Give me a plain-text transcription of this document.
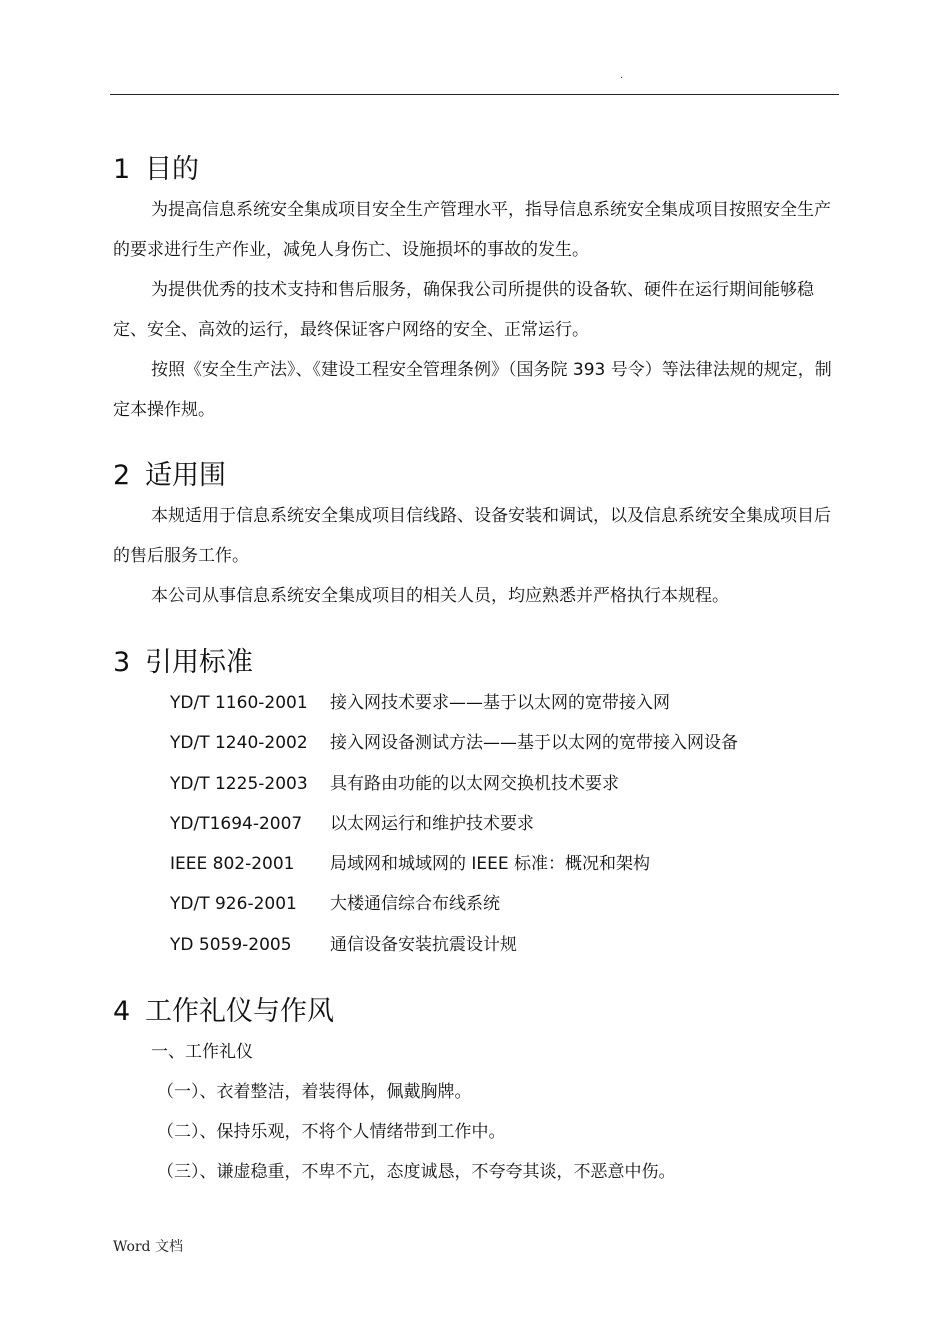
.
1 目的

为提高信息系统安全集成项目安全生产管理水平，指导信息系统安全集成项目按照安全生产的要求进行生产作业，减免人身伤亡、设施损坏的事故的发生。

为提供优秀的技术支持和售后服务，确保我公司所提供的设备软、硬件在运行期间能够稳定、安全、高效的运行，最终保证客户网络的安全、正常运行。

按照《安全生产法》、《建设工程安全管理条例》（国务院 393 号令）等法律法规的规定，制定本操作规。

2 适用围

本规适用于信息系统安全集成项目信线路、设备安装和调试，以及信息系统安全集成项目后的售后服务工作。

本公司从事信息系统安全集成项目的相关人员，均应熟悉并严格执行本规程。

3 引用标准
YD/T 1160-2001	接入网技术要求——基于以太网的宽带接入网
YD/T 1240-2002	接入网设备测试方法——基于以太网的宽带接入网设备
YD/T 1225-2003	具有路由功能的以太网交换机技术要求
YD/T1694-2007	以太网运行和维护技术要求
IEEE 802-2001	局域网和城域网的 IEEE 标准：概况和架构
YD/T 926-2001	大楼通信综合布线系统
YD 5059-2005	通信设备安装抗震设计规
4 工作礼仪与作风

一、工作礼仪

（一）、衣着整洁，着装得体，佩戴胸牌。

（二）、保持乐观，不将个人情绪带到工作中。

（三）、谦虚稳重，不卑不亢，态度诚恳，不夸夸其谈，不恶意中伤。

Word 文档
